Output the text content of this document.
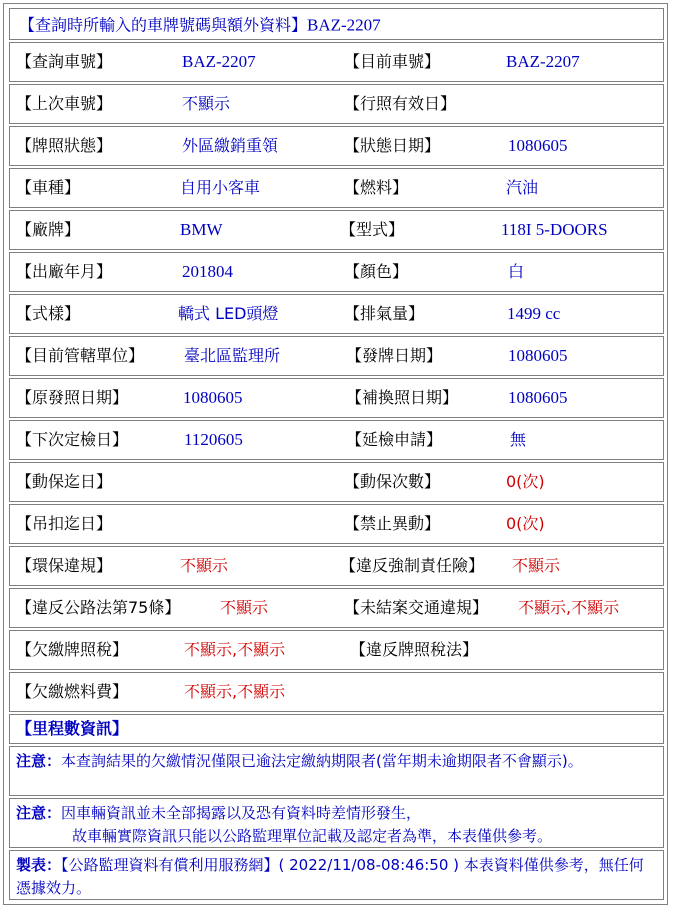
【查詢時所輸入的車牌號碼與額外資料】BAZ-2207
【查詢車號】	BAZ-2207	【目前車號】	BAZ-2207
【上次車號】	不顯示	【行照有效日】
【牌照狀態】	外區繳銷重領	【狀態日期】	1080605
【車種】	自用小客車	【燃料】	汽油
【廠牌】	BMW	【型式】	118I 5-DOORS
【出廠年月】	201804	【顏色】	白
【式樣】	轎式 LED頭燈	【排氣量】	1499 cc
【目前管轄單位】 臺北區監理所	【發牌日期】	1080605
【原發照日期】	1080605	【補換照日期】	1080605
【下次定檢日】	1120605	【延檢申請】	無
【動保迄日】	【動保次數】	0(次)
【吊扣迄日】	【禁止異動】	0(次)
【環保違規】	不顯示	【違反強制責任險】 不顯示
【違反公路法第75條】 不顯示	【未結案交通違規】 不顯示,不顯示
【欠繳牌照稅】	不顯示,不顯示	【違反牌照稅法】
【欠繳燃料費】	不顯示,不顯示
【里程數資訊】
注意：本查詢結果的欠繳情況僅限已逾法定繳納期限者(當年期未逾期限者不會顯示)。
注意：因車輛資訊並未全部揭露以及恐有資料時差情形發生，
故車輛實際資訊只能以公路監理單位記載及認定者為準，本表僅供參考。
製表：【公路監理資料有償利用服務網】( 2022/11/08-08:46:50 ) 本表資料僅供參考，無任何憑據效力。
